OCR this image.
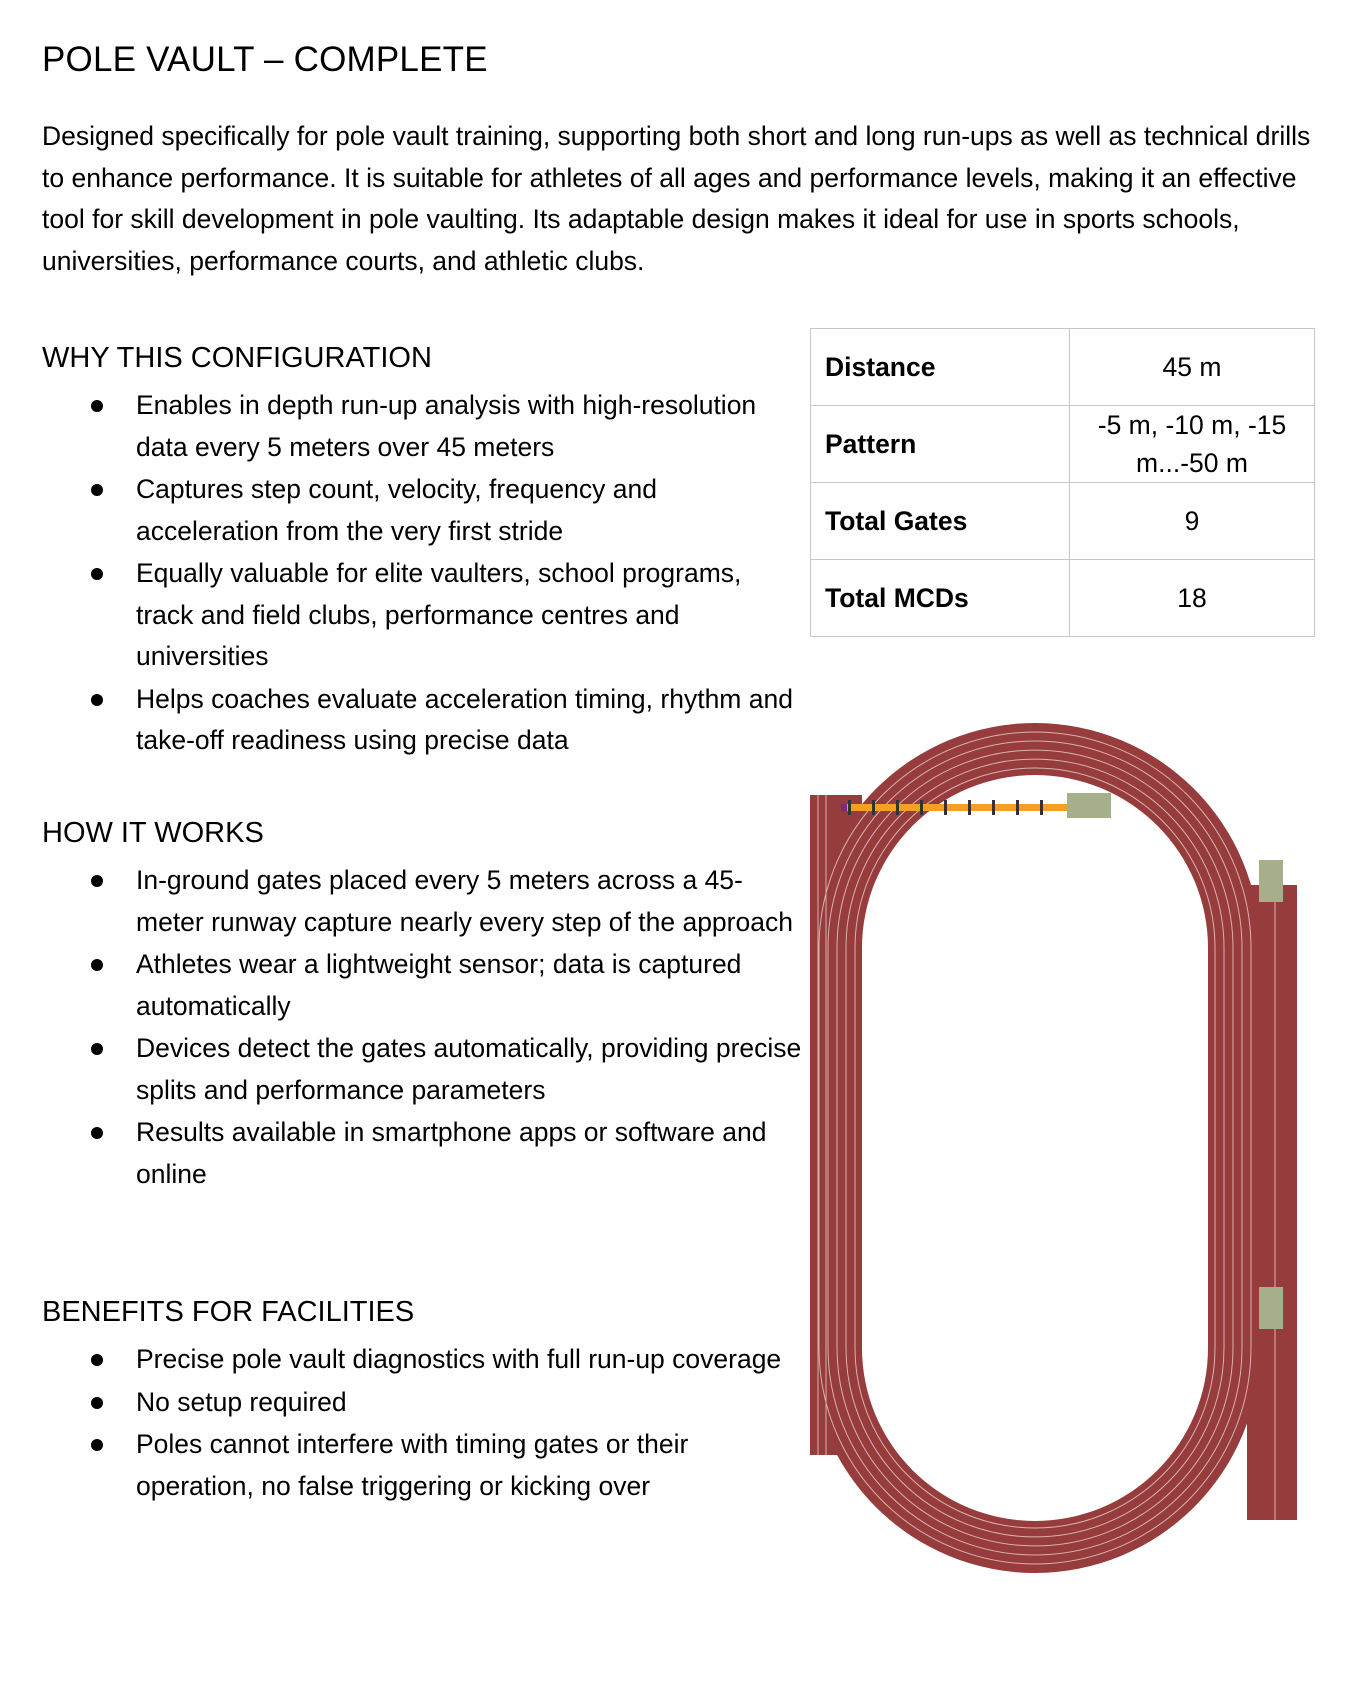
POLE VAULT – COMPLETE

Designed specifically for pole vault training, supporting both short and long run-ups as well as technical drills to enhance performance. It is suitable for athletes of all ages and performance levels, making it an effective tool for skill development in pole vaulting. Its adaptable design makes it ideal for use in sports schools, universities, performance courts, and athletic clubs.

WHY THIS CONFIGURATION
Enables in depth run-up analysis with high-resolution data every 5 meters over 45 meters
Captures step count, velocity, frequency and acceleration from the very first stride
Equally valuable for elite vaulters, school programs, track and field clubs, performance centres and universities
Helps coaches evaluate acceleration timing, rhythm and take-off readiness using precise data
HOW IT WORKS
In-ground gates placed every 5 meters across a 45-meter runway capture nearly every step of the approach
Athletes wear a lightweight sensor; data is captured automatically
Devices detect the gates automatically, providing precise splits and performance parameters
Results available in smartphone apps or software and online
BENEFITS FOR FACILITIES
Precise pole vault diagnostics with full run-up coverage
No setup required
Poles cannot interfere with timing gates or their operation, no false triggering or kicking over
Distance	45 m
Pattern	-5 m, -10 m, -15 m...-50 m
Total Gates	9
Total MCDs	18
